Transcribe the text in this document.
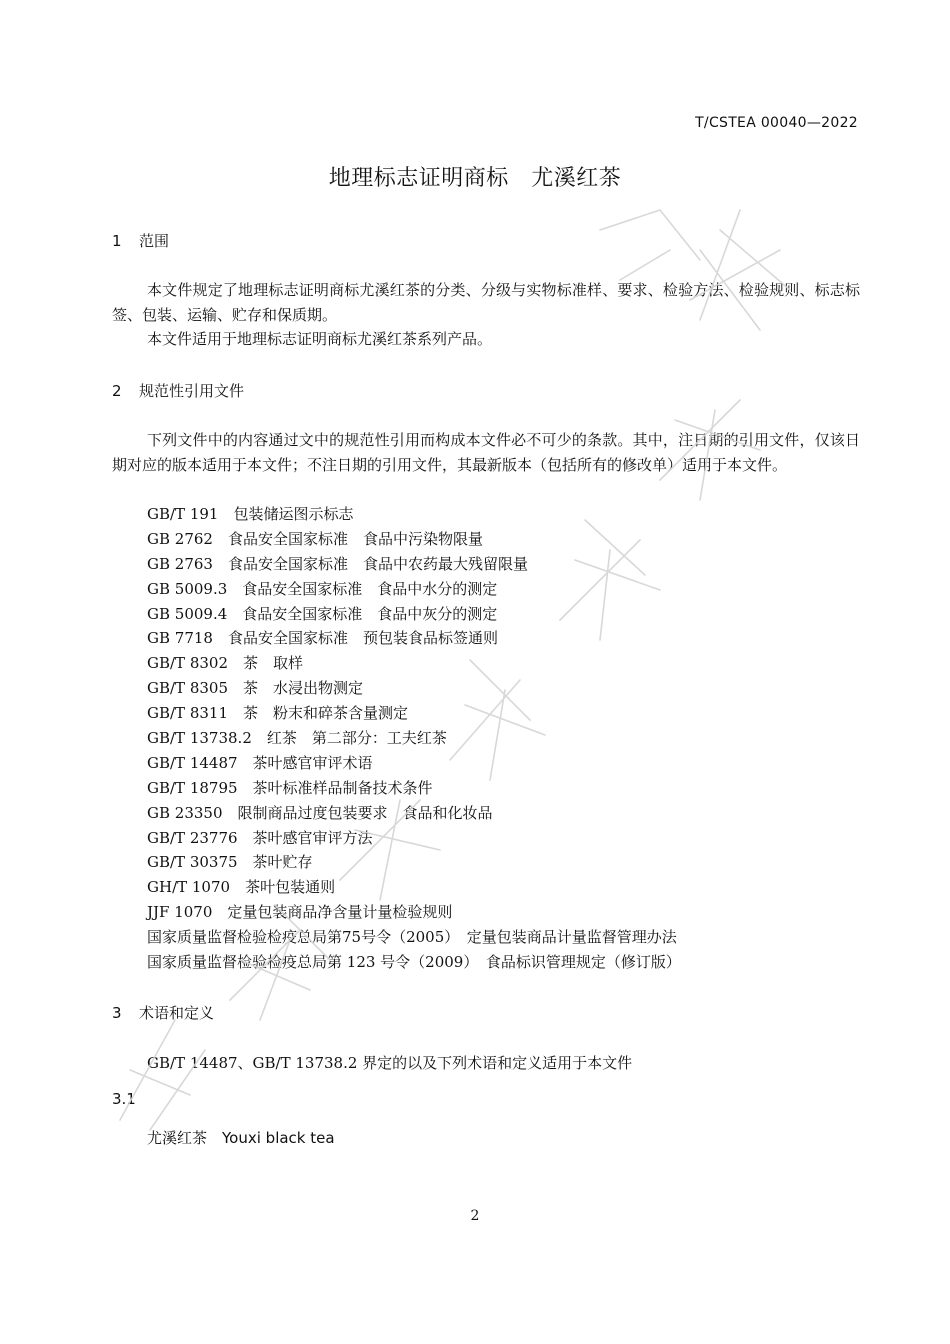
T/CSTEA 00040—2022
地理标志证明商标　尤溪红茶
1 范围
本文件规定了地理标志证明商标尤溪红茶的分类、分级与实物标准样、要求、检验方法、检验规则、标志标签、包装、运输、贮存和保质期。
本文件适用于地理标志证明商标尤溪红茶系列产品。
2 规范性引用文件
下列文件中的内容通过文中的规范性引用而构成本文件必不可少的条款。其中，注日期的引用文件，仅该日期对应的版本适用于本文件；不注日期的引用文件，其最新版本（包括所有的修改单）适用于本文件。
GB/T 191　包装储运图示标志
GB 2762　食品安全国家标准　食品中污染物限量
GB 2763　食品安全国家标准　食品中农药最大残留限量
GB 5009.3　食品安全国家标准　食品中水分的测定
GB 5009.4　食品安全国家标准　食品中灰分的测定
GB 7718　食品安全国家标准　预包装食品标签通则
GB/T 8302　茶　取样
GB/T 8305　茶　水浸出物测定
GB/T 8311　茶　粉末和碎茶含量测定
GB/T 13738.2　红茶　第二部分：工夫红茶
GB/T 14487　茶叶感官审评术语
GB/T 18795　茶叶标准样品制备技术条件
GB 23350　限制商品过度包装要求　食品和化妆品
GB/T 23776　茶叶感官审评方法
GB/T 30375　茶叶贮存
GH/T 1070　茶叶包装通则
JJF 1070　定量包装商品净含量计量检验规则
国家质量监督检验检疫总局第75号令（2005）　定量包装商品计量监督管理办法
国家质量监督检验检疫总局第 123 号令（2009）　食品标识管理规定（修订版）
3 术语和定义
GB/T 14487、GB/T 13738.2 界定的以及下列术语和定义适用于本文件
3.1
尤溪红茶　Youxi black tea
2
